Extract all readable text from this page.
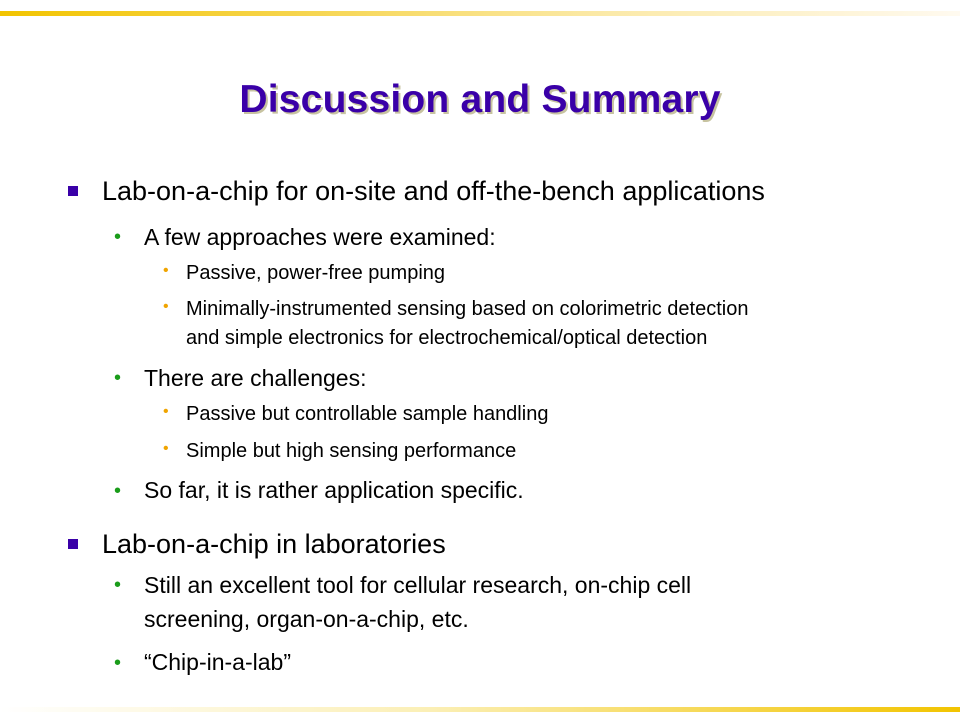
Discussion and Summary
Lab-on-a-chip for on-site and off-the-bench applications
• A few approaches were examined:
• Passive, power-free pumping
• Minimally-instrumented sensing based on colorimetric detection
and simple electronics for electrochemical/optical detection
• There are challenges:
• Passive but controllable sample handling
• Simple but high sensing performance
• So far, it is rather application specific.
Lab-on-a-chip in laboratories
• Still an excellent tool for cellular research, on-chip cell
screening, organ-on-a-chip, etc.
• “Chip-in-a-lab”
